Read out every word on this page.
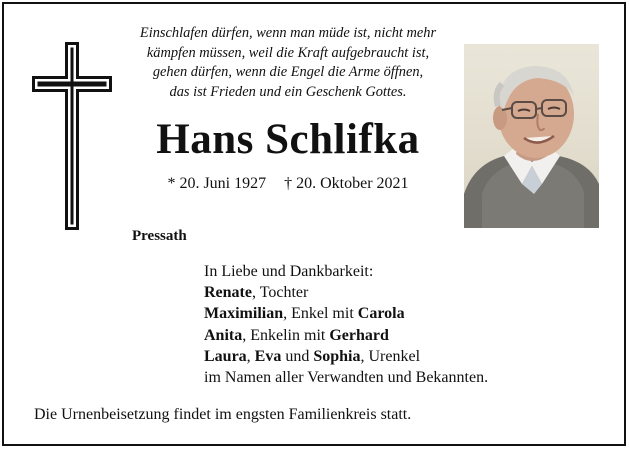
Einschlafen dürfen, wenn man müde ist, nicht mehr
kämpfen müssen, weil die Kraft aufgebraucht ist,
gehen dürfen, wenn die Engel die Arme öffnen,
das ist Frieden und ein Geschenk Gottes.
Hans Schlifka
* 20. Juni 1927 † 20. Oktober 2021
Pressath
In Liebe und Dankbarkeit:
Renate, Tochter
Maximilian, Enkel mit Carola
Anita, Enkelin mit Gerhard
Laura, Eva und Sophia, Urenkel
im Namen aller Verwandten und Bekannten.
Die Urnenbeisetzung findet im engsten Familienkreis statt.
